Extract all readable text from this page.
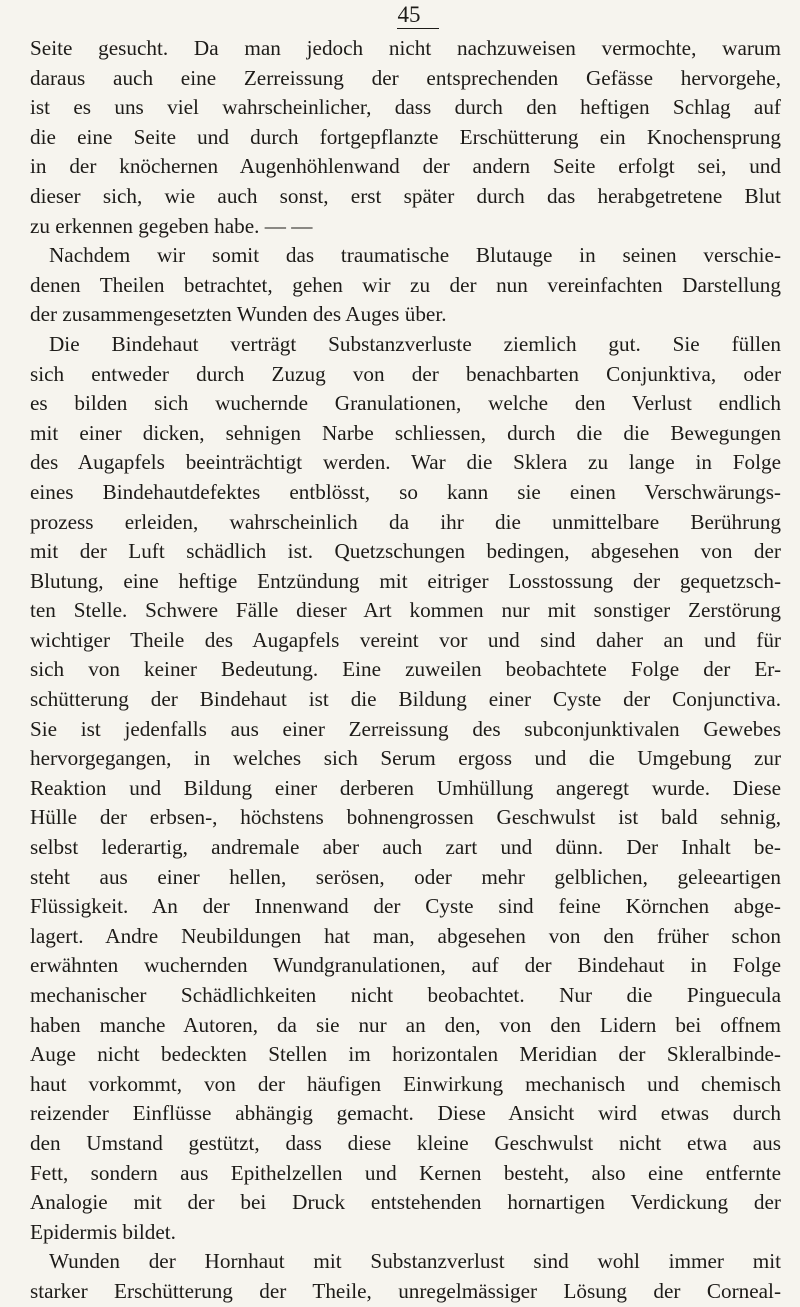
45
Seite gesucht. Da man jedoch nicht nachzuweisen vermochte, warum
daraus auch eine Zerreissung der entsprechenden Gefässe hervorgehe,
ist es uns viel wahrscheinlicher, dass durch den heftigen Schlag auf
die eine Seite und durch fortgepflanzte Erschütterung ein Knochensprung
in der knöchernen Augenhöhlenwand der andern Seite erfolgt sei, und
dieser sich, wie auch sonst, erst später durch das herabgetretene Blut
zu erkennen gegeben habe. — —
Nachdem wir somit das traumatische Blutauge in seinen verschie-
denen Theilen betrachtet, gehen wir zu der nun vereinfachten Darstellung
der zusammengesetzten Wunden des Auges über.
Die Bindehaut verträgt Substanzverluste ziemlich gut. Sie füllen
sich entweder durch Zuzug von der benachbarten Conjunktiva, oder
es bilden sich wuchernde Granulationen, welche den Verlust endlich
mit einer dicken, sehnigen Narbe schliessen, durch die die Bewegungen
des Augapfels beeinträchtigt werden. War die Sklera zu lange in Folge
eines Bindehautdefektes entblösst, so kann sie einen Verschwärungs-
prozess erleiden, wahrscheinlich da ihr die unmittelbare Berührung
mit der Luft schädlich ist. Quetzschungen bedingen, abgesehen von der
Blutung, eine heftige Entzündung mit eitriger Losstossung der gequetzsch-
ten Stelle. Schwere Fälle dieser Art kommen nur mit sonstiger Zerstörung
wichtiger Theile des Augapfels vereint vor und sind daher an und für
sich von keiner Bedeutung. Eine zuweilen beobachtete Folge der Er-
schütterung der Bindehaut ist die Bildung einer Cyste der Conjunctiva.
Sie ist jedenfalls aus einer Zerreissung des subconjunktivalen Gewebes
hervorgegangen, in welches sich Serum ergoss und die Umgebung zur
Reaktion und Bildung einer derberen Umhüllung angeregt wurde. Diese
Hülle der erbsen-, höchstens bohnengrossen Geschwulst ist bald sehnig,
selbst lederartig, andremale aber auch zart und dünn. Der Inhalt be-
steht aus einer hellen, serösen, oder mehr gelblichen, geleeartigen
Flüssigkeit. An der Innenwand der Cyste sind feine Körnchen abge-
lagert. Andre Neubildungen hat man, abgesehen von den früher schon
erwähnten wuchernden Wundgranulationen, auf der Bindehaut in Folge
mechanischer Schädlichkeiten nicht beobachtet. Nur die Pinguecula
haben manche Autoren, da sie nur an den, von den Lidern bei offnem
Auge nicht bedeckten Stellen im horizontalen Meridian der Skleralbinde-
haut vorkommt, von der häufigen Einwirkung mechanisch und chemisch
reizender Einflüsse abhängig gemacht. Diese Ansicht wird etwas durch
den Umstand gestützt, dass diese kleine Geschwulst nicht etwa aus
Fett, sondern aus Epithelzellen und Kernen besteht, also eine entfernte
Analogie mit der bei Druck entstehenden hornartigen Verdickung der
Epidermis bildet.
Wunden der Hornhaut mit Substanzverlust sind wohl immer mit
starker Erschütterung der Theile, unregelmässiger Lösung der Corneal-
